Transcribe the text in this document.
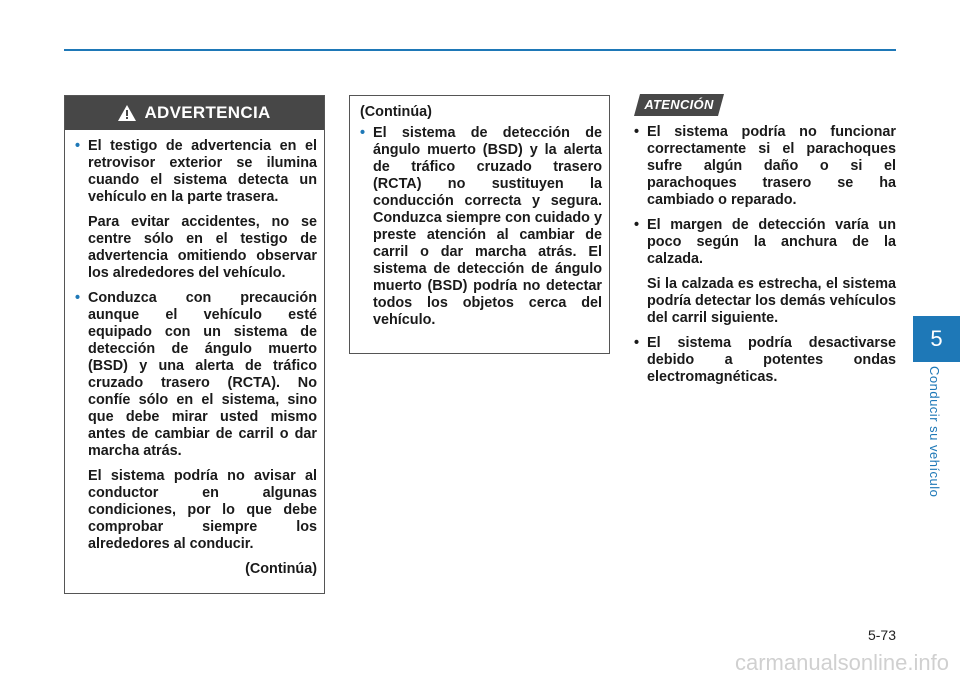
ADVERTENCIA
• El testigo de advertencia en el retrovisor exterior se ilumina cuando el sistema detecta un vehículo en la parte trasera.
Para evitar accidentes, no se centre sólo en el testigo de advertencia omitiendo observar los alrededores del vehículo.
• Conduzca con precaución aunque el vehículo esté equipado con un sistema de detección de ángulo muerto (BSD) y una alerta de tráfico cruzado trasero (RCTA). No confíe sólo en el sistema, sino que debe mirar usted mismo antes de cambiar de carril o dar marcha atrás.
El sistema podría no avisar al conductor en algunas condiciones, por lo que debe comprobar siempre los alrededores al conducir.
(Continúa)
(Continúa)
• El sistema de detección de ángulo muerto (BSD) y la alerta de tráfico cruzado trasero (RCTA) no sustituyen la conducción correcta y segura. Conduzca siempre con cuidado y preste atención al cambiar de carril o dar marcha atrás. El sistema de detección de ángulo muerto (BSD) podría no detectar todos los objetos cerca del vehículo.
ATENCIÓN
• El sistema podría no funcionar correctamente si el parachoques sufre algún daño o si el parachoques trasero se ha cambiado o reparado.
• El margen de detección varía un poco según la anchura de la calzada.
Si la calzada es estrecha, el sistema podría detectar los demás vehículos del carril siguiente.
• El sistema podría desactivarse debido a potentes ondas electromagnéticas.
5
Conducir su vehículo
5-73
carmanualsonline.info
